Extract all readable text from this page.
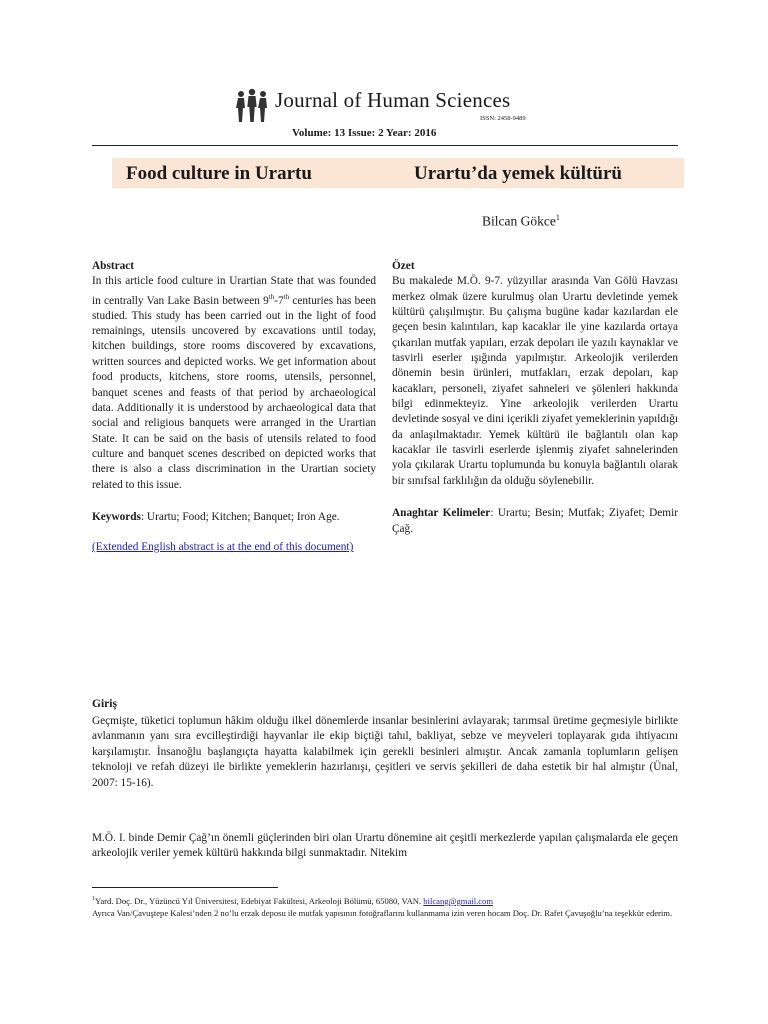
Journal of Human Sciences
ISSN: 2458-9489
Volume: 13 Issue: 2 Year: 2016
Food culture in Urartu	Urartu’da yemek kültürü
Bilcan Gökce$^1$
Abstract
In this article food culture in Urartian State that was founded in centrally Van Lake Basin between 9th-7th centuries has been studied. This study has been carried out in the light of food remainings, utensils uncovered by excavations until today, kitchen buildings, store rooms discovered by excavations, written sources and depicted works. We get information about food products, kitchens, store rooms, utensils, personnel, banquet scenes and feasts of that period by archaeological data. Additionally it is understood by archaeological data that social and religious banquets were arranged in the Urartian State. It can be said on the basis of utensils related to food culture and banquet scenes described on depicted works that there is also a class discrimination in the Urartian society related to this issue.
Keywords: Urartu; Food; Kitchen; Banquet; Iron Age.
(Extended English abstract is at the end of this document)
Özet
Bu makalede M.Ö. 9-7. yüzyıllar arasında Van Gölü Havzası merkez olmak üzere kurulmuş olan Urartu devletinde yemek kültürü çalışılmıştır. Bu çalışma bugüne kadar kazılardan ele geçen besin kalıntıları, kap kacaklar ile yine kazılarda ortaya çıkarılan mutfak yapıları, erzak depoları ile yazılı kaynaklar ve tasvirli eserler ışığında yapılmıştır. Arkeolojik verilerden dönemin besin ürünleri, mutfakları, erzak depoları, kap kacakları, personeli, ziyafet sahneleri ve şölenleri hakkında bilgi edinmekteyiz. Yine arkeolojik verilerden Urartu devletinde sosyal ve dini içerikli ziyafet yemeklerinin yapıldığı da anlaşılmaktadır. Yemek kültürü ile bağlantılı olan kap kacaklar ile tasvirli eserlerde işlenmiş ziyafet sahnelerinden yola çıkılarak Urartu toplumunda bu konuyla bağlantılı olarak bir sınıfsal farklılığın da olduğu söylenebilir.
Anaghtar Kelimeler: Urartu; Besin; Mutfak; Ziyafet; Demir Çağ.
Giriş
Geçmişte, tüketici toplumun hâkim olduğu ilkel dönemlerde insanlar besinlerini avlayarak; tarımsal üretime geçmesiyle birlikte avlanmanın yanı sıra evcilleştirdiği hayvanlar ile ekip biçtiği tahıl, bakliyat, sebze ve meyveleri toplayarak gıda ihtiyacını karşılamıştır. İnsanoğlu başlangıçta hayatta kalabilmek için gerekli besinleri almıştır. Ancak zamanla toplumların gelişen teknoloji ve refah düzeyi ile birlikte yemeklerin hazırlanışı, çeşitleri ve servis şekilleri de daha estetik bir hal almıştır (Ünal, 2007: 15-16).
M.Ö. I. binde Demir Çağ’ın önemli güçlerinden biri olan Urartu dönemine ait çeşitli merkezlerde yapılan çalışmalarda ele geçen arkeolojik veriler yemek kültürü hakkında bilgi sunmaktadır. Nitekim
$^1$Yard. Doç. Dr., Yüzüncü Yıl Üniversitesi, Edebiyat Fakültesi, Arkeoloji Bölümü, 65080, VAN. bilcang@gmail.com
Ayrıca Van/Çavuştepe Kalesi’nden 2 no’lu erzak deposu ile mutfak yapısının fotoğraflarını kullanmama izin veren hocam Doç. Dr. Rafet Çavuşoğlu’na teşekkür ederim.
